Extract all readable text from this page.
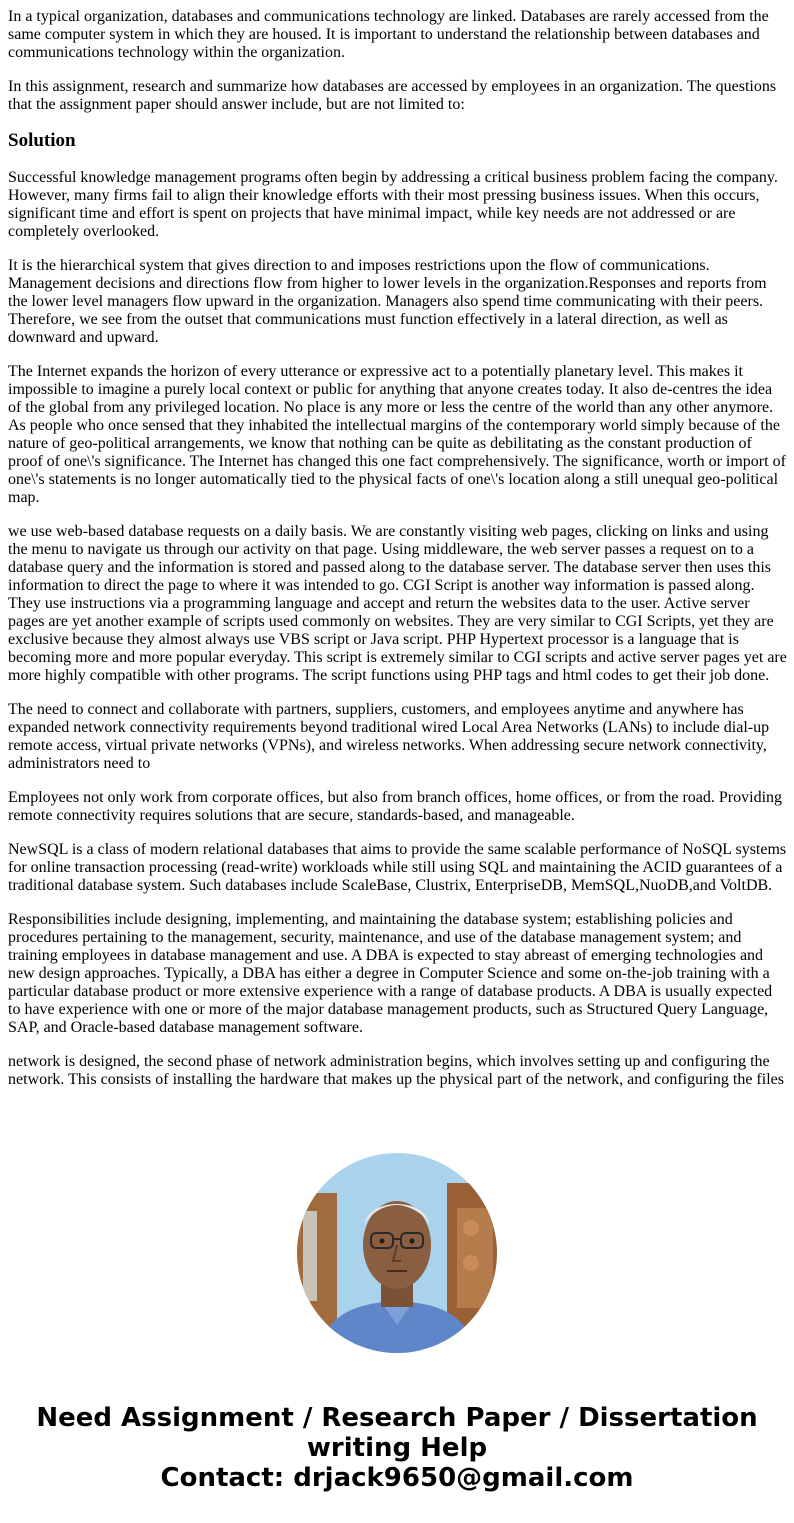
In a typical organization, databases and communications technology are linked. Databases are rarely accessed from the same computer system in which they are housed. It is important to understand the relationship between databases and communications technology within the organization.

In this assignment, research and summarize how databases are accessed by employees in an organization. The questions that the assignment paper should answer include, but are not limited to:

Solution

Successful knowledge management programs often begin by addressing a critical business problem facing the company. However, many firms fail to align their knowledge efforts with their most pressing business issues. When this occurs, significant time and effort is spent on projects that have minimal impact, while key needs are not addressed or are completely overlooked.

It is the hierarchical system that gives direction to and imposes restrictions upon the flow of communications. Management decisions and directions flow from higher to lower levels in the organization.Responses and reports from the lower level managers flow upward in the organization. Managers also spend time communicating with their peers. Therefore, we see from the outset that communications must function effectively in a lateral direction, as well as downward and upward.

The Internet expands the horizon of every utterance or expressive act to a potentially planetary level. This makes it impossible to imagine a purely local context or public for anything that anyone creates today. It also de-centres the idea of the global from any privileged location. No place is any more or less the centre of the world than any other anymore. As people who once sensed that they inhabited the intellectual margins of the contemporary world simply because of the nature of geo-political arrangements, we know that nothing can be quite as debilitating as the constant production of proof of one\'s significance. The Internet has changed this one fact comprehensively. The significance, worth or import of one\'s statements is no longer automatically tied to the physical facts of one\'s location along a still unequal geo-political map.

we use web-based database requests on a daily basis. We are constantly visiting web pages, clicking on links and using the menu to navigate us through our activity on that page. Using middleware, the web server passes a request on to a database query and the information is stored and passed along to the database server. The database server then uses this information to direct the page to where it was intended to go. CGI Script is another way information is passed along. They use instructions via a programming language and accept and return the websites data to the user. Active server pages are yet another example of scripts used commonly on websites. They are very similar to CGI Scripts, yet they are exclusive because they almost always use VBS script or Java script. PHP Hypertext processor is a language that is becoming more and more popular everyday. This script is extremely similar to CGI scripts and active server pages yet are more highly compatible with other programs. The script functions using PHP tags and html codes to get their job done.

The need to connect and collaborate with partners, suppliers, customers, and employees anytime and anywhere has expanded network connectivity requirements beyond traditional wired Local Area Networks (LANs) to include dial-up remote access, virtual private networks (VPNs), and wireless networks. When addressing secure network connectivity, administrators need to

Employees not only work from corporate offices, but also from branch offices, home offices, or from the road. Providing remote connectivity requires solutions that are secure, standards-based, and manageable.

NewSQL is a class of modern relational databases that aims to provide the same scalable performance of NoSQL systems for online transaction processing (read-write) workloads while still using SQL and maintaining the ACID guarantees of a traditional database system. Such databases include ScaleBase, Clustrix, EnterpriseDB, MemSQL,NuoDB,and VoltDB.

Responsibilities include designing, implementing, and maintaining the database system; establishing policies and procedures pertaining to the management, security, maintenance, and use of the database management system; and training employees in database management and use. A DBA is expected to stay abreast of emerging technologies and new design approaches. Typically, a DBA has either a degree in Computer Science and some on-the-job training with a particular database product or more extensive experience with a range of database products. A DBA is usually expected to have experience with one or more of the major database management products, such as Structured Query Language, SAP, and Oracle-based database management software.

network is designed, the second phase of network administration begins, which involves setting up and configuring the network. This consists of installing the hardware that makes up the physical part of the network, and configuring the files

Need Assignment / Research Paper / Dissertation
writing Help
Contact: drjack9650@gmail.com
